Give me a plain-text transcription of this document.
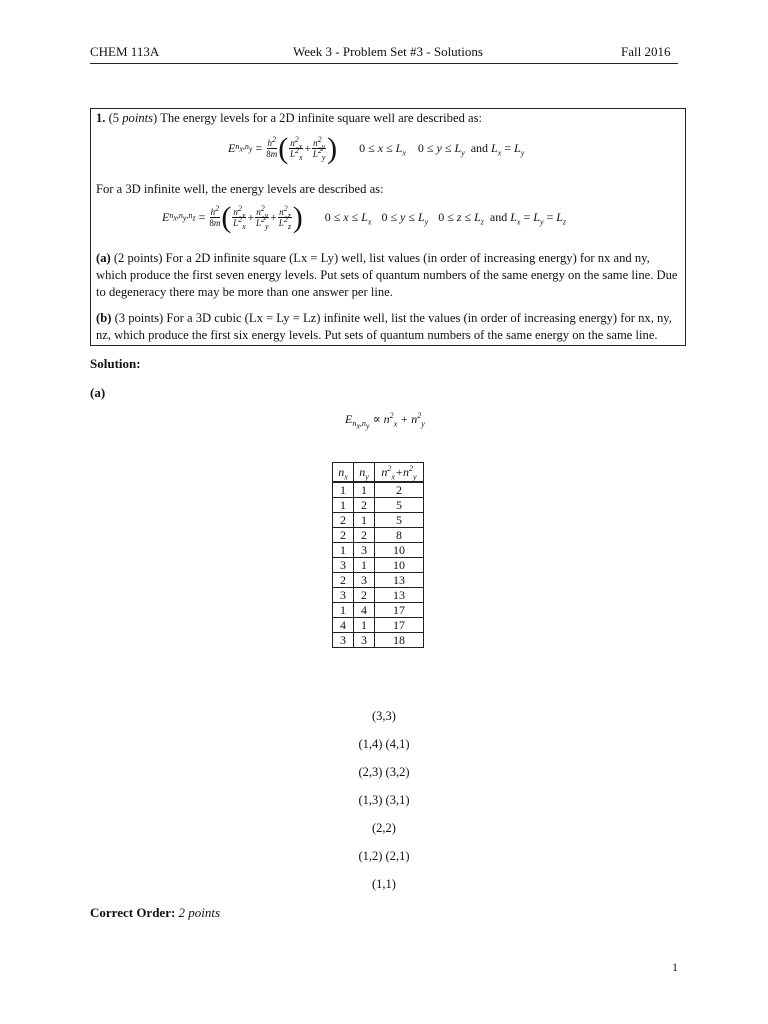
CHEM 113A	Week 3 - Problem Set #3 - Solutions	Fall 2016
1. (5 points) The energy levels for a 2D infinite square well are described as:
E $n_x,n_y = \frac{h^2}{8m}$ ( $\frac{n^2_x}{L^2_x} + \frac{n^2_y}{L^2_y}$ ) $0 \le x \le L_x$ $0 \le y \le L_y$ and $L_x = L_y$
For a 3D infinite well, the energy levels are described as:
E $n_x,n_y,n_z = \frac{h^2}{8m}$ ( $\frac{n^2_x}{L^2_x} + \frac{n^2_y}{L^2_y} + \frac{n^2_z}{L^2_z}$ ) $0 \le x \le L_x$ $0 \le y \le L_y$ $0 \le z \le L_z$ and $L_x = L_y = L_z$
(a) (2 points) For a 2D infinite square (Lx = Ly) well, list values (in order of increasing energy) for nx and ny, which produce the first seven energy levels. Put sets of quantum numbers of the same energy on the same line. Due to degeneracy there may be more than one answer per line.
(b) (3 points) For a 3D cubic (Lx = Ly = Lz) infinite well, list the values (in order of increasing energy) for nx, ny, nz, which produce the first six energy levels. Put sets of quantum numbers of the same energy on the same line.
Solution:
(a)
$E_{n_x,n_y} \propto n^2_x + n^2_y$
$n_x$	$n_y$	$n^2_x+n^2_y$
1	1	2
1	2	5
2	1	5
2	2	8
1	3	10
3	1	10
2	3	13
3	2	13
1	4	17
4	1	17
3	3	18
(3,3)
(1,4) (4,1)
(2,3) (3,2)
(1,3) (3,1)
(2,2)
(1,2) (2,1)
(1,1)
Correct Order: 2 points
1
